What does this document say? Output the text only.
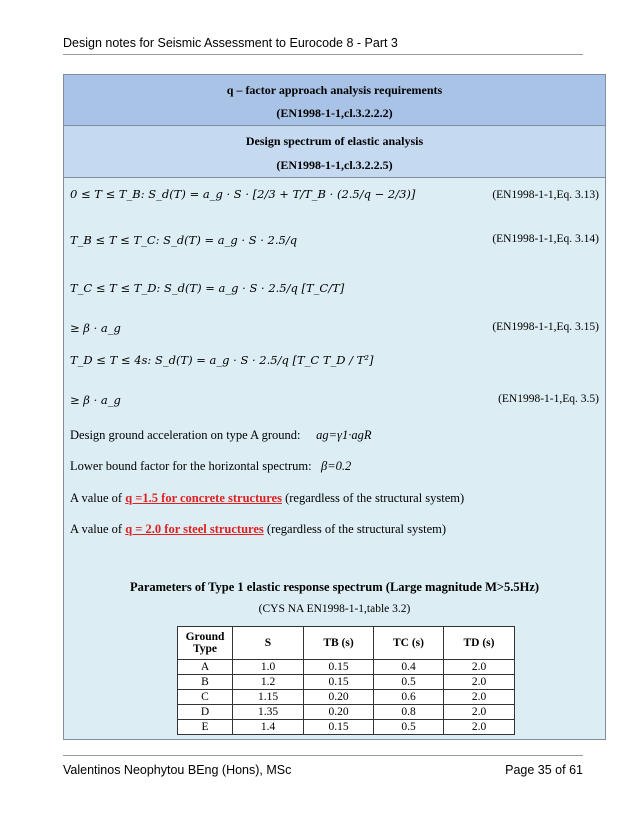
Design notes for Seismic Assessment to Eurocode 8 - Part 3
q – factor approach analysis requirements
(EN1998-1-1,cl.3.2.2.2)
Design spectrum of elastic analysis
(EN1998-1-1,cl.3.2.2.5)
0 ≤ T ≤ T_B: S_d(T) = a_g · S · [2/3 + T/T_B · (2.5/q − 2/3)]	(EN1998-1-1,Eq. 3.13)
T_B ≤ T ≤ T_C: S_d(T) = a_g · S · 2.5/q	(EN1998-1-1,Eq. 3.14)
T_C ≤ T ≤ T_D: S_d(T) = a_g · S · 2.5/q [T_C/T]
≥ β · a_g	(EN1998-1-1,Eq. 3.15)
T_D ≤ T ≤ 4s: S_d(T) = a_g · S · 2.5/q [T_C T_D / T²]
≥ β · a_g	(EN1998-1-1,Eq. 3.5)
Design ground acceleration on type A ground: ag=γ1·agR
Lower bound factor for the horizontal spectrum: β=0.2
A value of q =1.5 for concrete structures (regardless of the structural system)
A value of q = 2.0 for steel structures (regardless of the structural system)
Parameters of Type 1 elastic response spectrum (Large magnitude M>5.5Hz)
(CYS NA EN1998-1-1,table 3.2)
Ground Type	S	TB (s)	TC (s)	TD (s)
A	1.0	0.15	0.4	2.0
B	1.2	0.15	0.5	2.0
C	1.15	0.20	0.6	2.0
D	1.35	0.20	0.8	2.0
E	1.4	0.15	0.5	2.0
Valentinos Neophytou BEng (Hons), MSc	Page 35 of 61
